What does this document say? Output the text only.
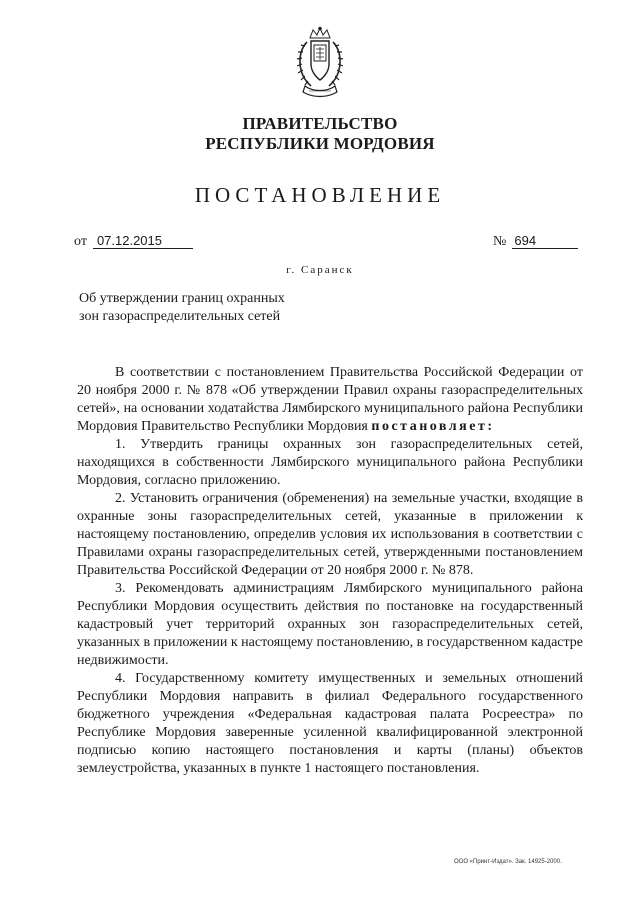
ПРАВИТЕЛЬСТВО
РЕСПУБЛИКИ МОРДОВИЯ
ПОСТАНОВЛЕНИЕ
от 07.12.2015	№ 694
г. Саранск
Об утверждении границ охранных
зон газораспределительных сетей

В соответствии с постановлением Правительства Российской Федерации от 20 ноября 2000 г. № 878 «Об утверждении Правил охраны газораспределительных сетей», на основании ходатайства Лямбирского муниципального района Республики Мордовия Правительство Республики Мордовия постановляет:

1. Утвердить границы охранных зон газораспределительных сетей, находящихся в собственности Лямбирского муниципального района Республики Мордовия, согласно приложению.

2. Установить ограничения (обременения) на земельные участки, входящие в охранные зоны газораспределительных сетей, указанные в приложении к настоящему постановлению, определив условия их использования в соответствии с Правилами охраны газораспределительных сетей, утвержденными постановлением Правительства Российской Федерации от 20 ноября 2000 г. № 878.

3. Рекомендовать администрациям Лямбирского муниципального района Республики Мордовия осуществить действия по постановке на государственный кадастровый учет территорий охранных зон газораспределительных сетей, указанных в приложении к настоящему постановлению, в государственном кадастре недвижимости.

4. Государственному комитету имущественных и земельных отношений Республики Мордовия направить в филиал Федерального государственного бюджетного учреждения «Федеральная кадастровая палата Росреестра» по Республике Мордовия заверенные усиленной квалифицированной электронной подписью копию настоящего постановления и карты (планы) объектов землеустройства, указанных в пункте 1 настоящего постановления.

ООО «Принт-Издат». Зак. 14925-2000.
